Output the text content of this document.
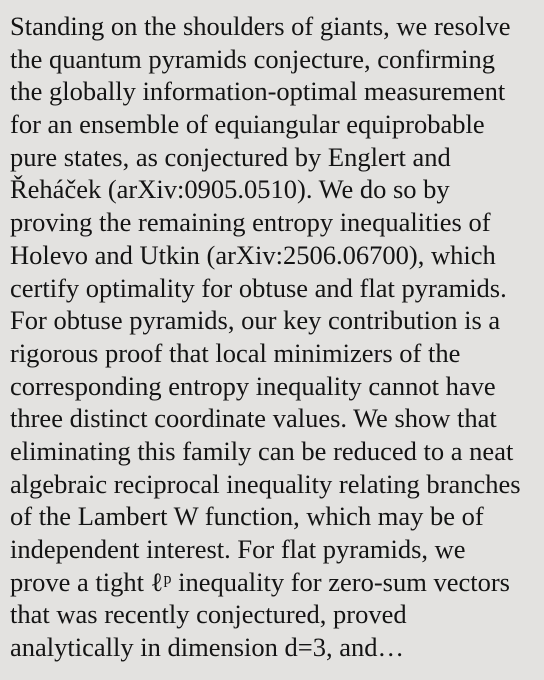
Standing on the shoulders of giants, we resolve
the quantum pyramids conjecture, confirming
the globally information-optimal measurement
for an ensemble of equiangular equiprobable
pure states, as conjectured by Englert and
Řeháček (arXiv:0905.0510). We do so by
proving the remaining entropy inequalities of
Holevo and Utkin (arXiv:2506.06700), which
certify optimality for obtuse and flat pyramids.
For obtuse pyramids, our key contribution is a
rigorous proof that local minimizers of the
corresponding entropy inequality cannot have
three distinct coordinate values. We show that
eliminating this family can be reduced to a neat
algebraic reciprocal inequality relating branches
of the Lambert W function, which may be of
independent interest. For flat pyramids, we
prove a tight ℓᵖ inequality for zero-sum vectors
that was recently conjectured, proved
analytically in dimension d=3, and…
